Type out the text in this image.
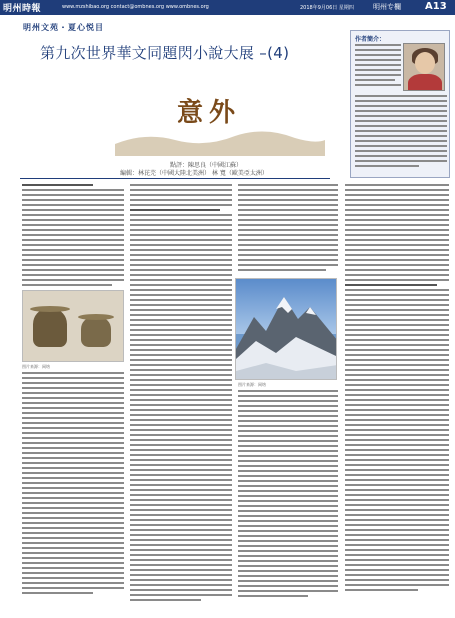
明州時報	www.mzshibao.org contact@ombnes.org www.ombnes.org	2018年9月06日 星期四	明州专欄 A13
明州文苑・夏心悦目
第九次世界華文同題閃小說大展 –(4)
意外
點評：陳思良（中國江蘇）
編輯：林芘芫（中國大陸北美洲） 林 寬（歐美亞太洲）
作者簡介：
图片来源：网络
图片来源：网络
